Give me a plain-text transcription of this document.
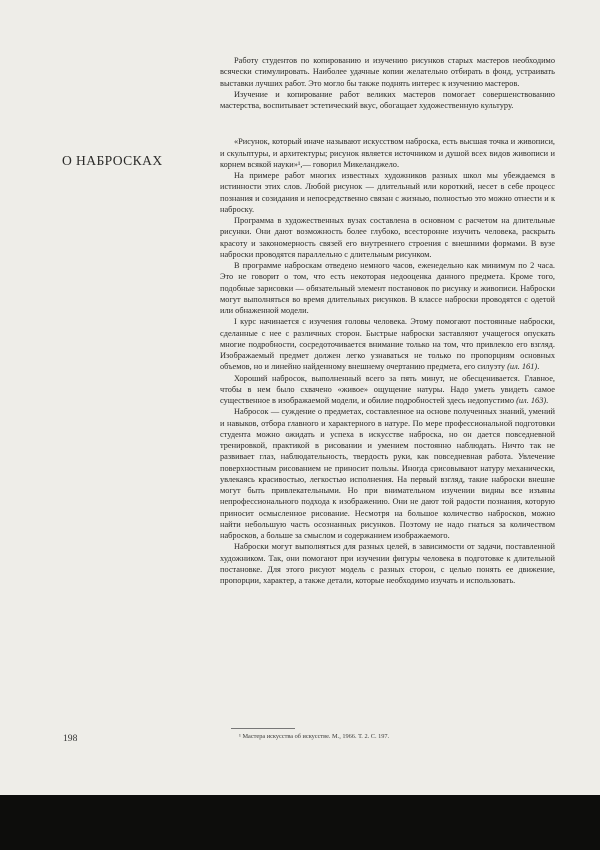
Работу студентов по копированию и изучению рисунков старых мастеров необходимо всячески стимулировать. Наиболее удачные копии желательно отбирать в фонд, устраивать выставки лучших работ. Это могло бы также поднять интерес к изучению мастеров.

Изучение и копирование работ великих мастеров помогает совершенствованию мастерства, воспитывает эстетический вкус, обогащает художественную культуру.

«Рисунок, который иначе называют искусством наброска, есть высшая точка и живописи, и скульптуры, и архитектуры; рисунок является источником и душой всех видов живописи и корнем всякой науки»¹,— говорил Микеланджело.

На примере работ многих известных художников разных школ мы убеждаемся в истинности этих слов. Любой рисунок — длительный или короткий, несет в себе процесс познания и созидания и непосредственно связан с жизнью, полностью это можно отнести и к наброску.

Программа в художественных вузах составлена в основном с расчетом на длительные рисунки. Они дают возможность более глубоко, всесторонне изучить человека, раскрыть красоту и закономерность связей его внутреннего строения с внешними формами. В вузе наброски проводятся параллельно с длительным рисунком.

В программе наброскам отведено немного часов, еженедельно как минимум по 2 часа. Это не говорит о том, что есть некоторая недооценка данного предмета. Кроме того, подобные зарисовки — обязательный элемент постановок по рисунку и живописи. Наброски могут выполняться во время длительных рисунков. В классе наброски проводятся с одетой или обнаженной модели.

I курс начинается с изучения головы человека. Этому помогают постоянные наброски, сделанные с нее с различных сторон. Быстрые наброски заставляют учащегося опускать многие подробности, сосредоточивается внимание только на том, что привлекло его взгляд. Изображаемый предмет должен легко узнаваться не только по пропорциям основных объемов, но и линейно найденному внешнему очертанию предмета, его силуэту (ил. 161).

Хороший набросок, выполненный всего за пять минут, не обесценивается. Главное, чтобы в нем было схвачено «живое» ощущение натуры. Надо уметь увидеть самое существенное в изображаемой модели, и обилие подробностей здесь недопустимо (ил. 163).

Набросок — суждение о предметах, составленное на основе полученных знаний, умений и навыков, отбора главного и характерного в натуре. По мере профессиональной подготовки студента можно ожидать и успеха в искусстве наброска, но он дается повседневной тренировкой, практикой в рисовании и умением постоянно наблюдать. Ничто так не развивает глаз, наблюдательность, твердость руки, как повседневная работа. Увлечение поверхностным рисованием не приносит пользы. Иногда срисовывают натуру механически, увлекаясь красивостью, легкостью исполнения. На первый взгляд, такие наброски внешне могут быть привлекательными. Но при внимательном изучении видны все изъяны непрофессионального подхода к изображению. Они не дают той радости познания, которую приносит осмысленное рисование. Несмотря на большое количество набросков, можно найти небольшую часть осознанных рисунков. Поэтому не надо гнаться за количеством набросков, а больше за смыслом и содержанием изображаемого.

Наброски могут выполняться для разных целей, в зависимости от задачи, поставленной художником. Так, они помогают при изучении фигуры человека в подготовке к длительной постановке. Для этого рисуют модель с разных сторон, с целью понять ее движение, пропорции, характер, а также детали, которые необходимо изучать и использовать.

О НАБРОСКАХ
¹ Мастера искусства об искусстве. М., 1966. Т. 2. С. 197.
198
